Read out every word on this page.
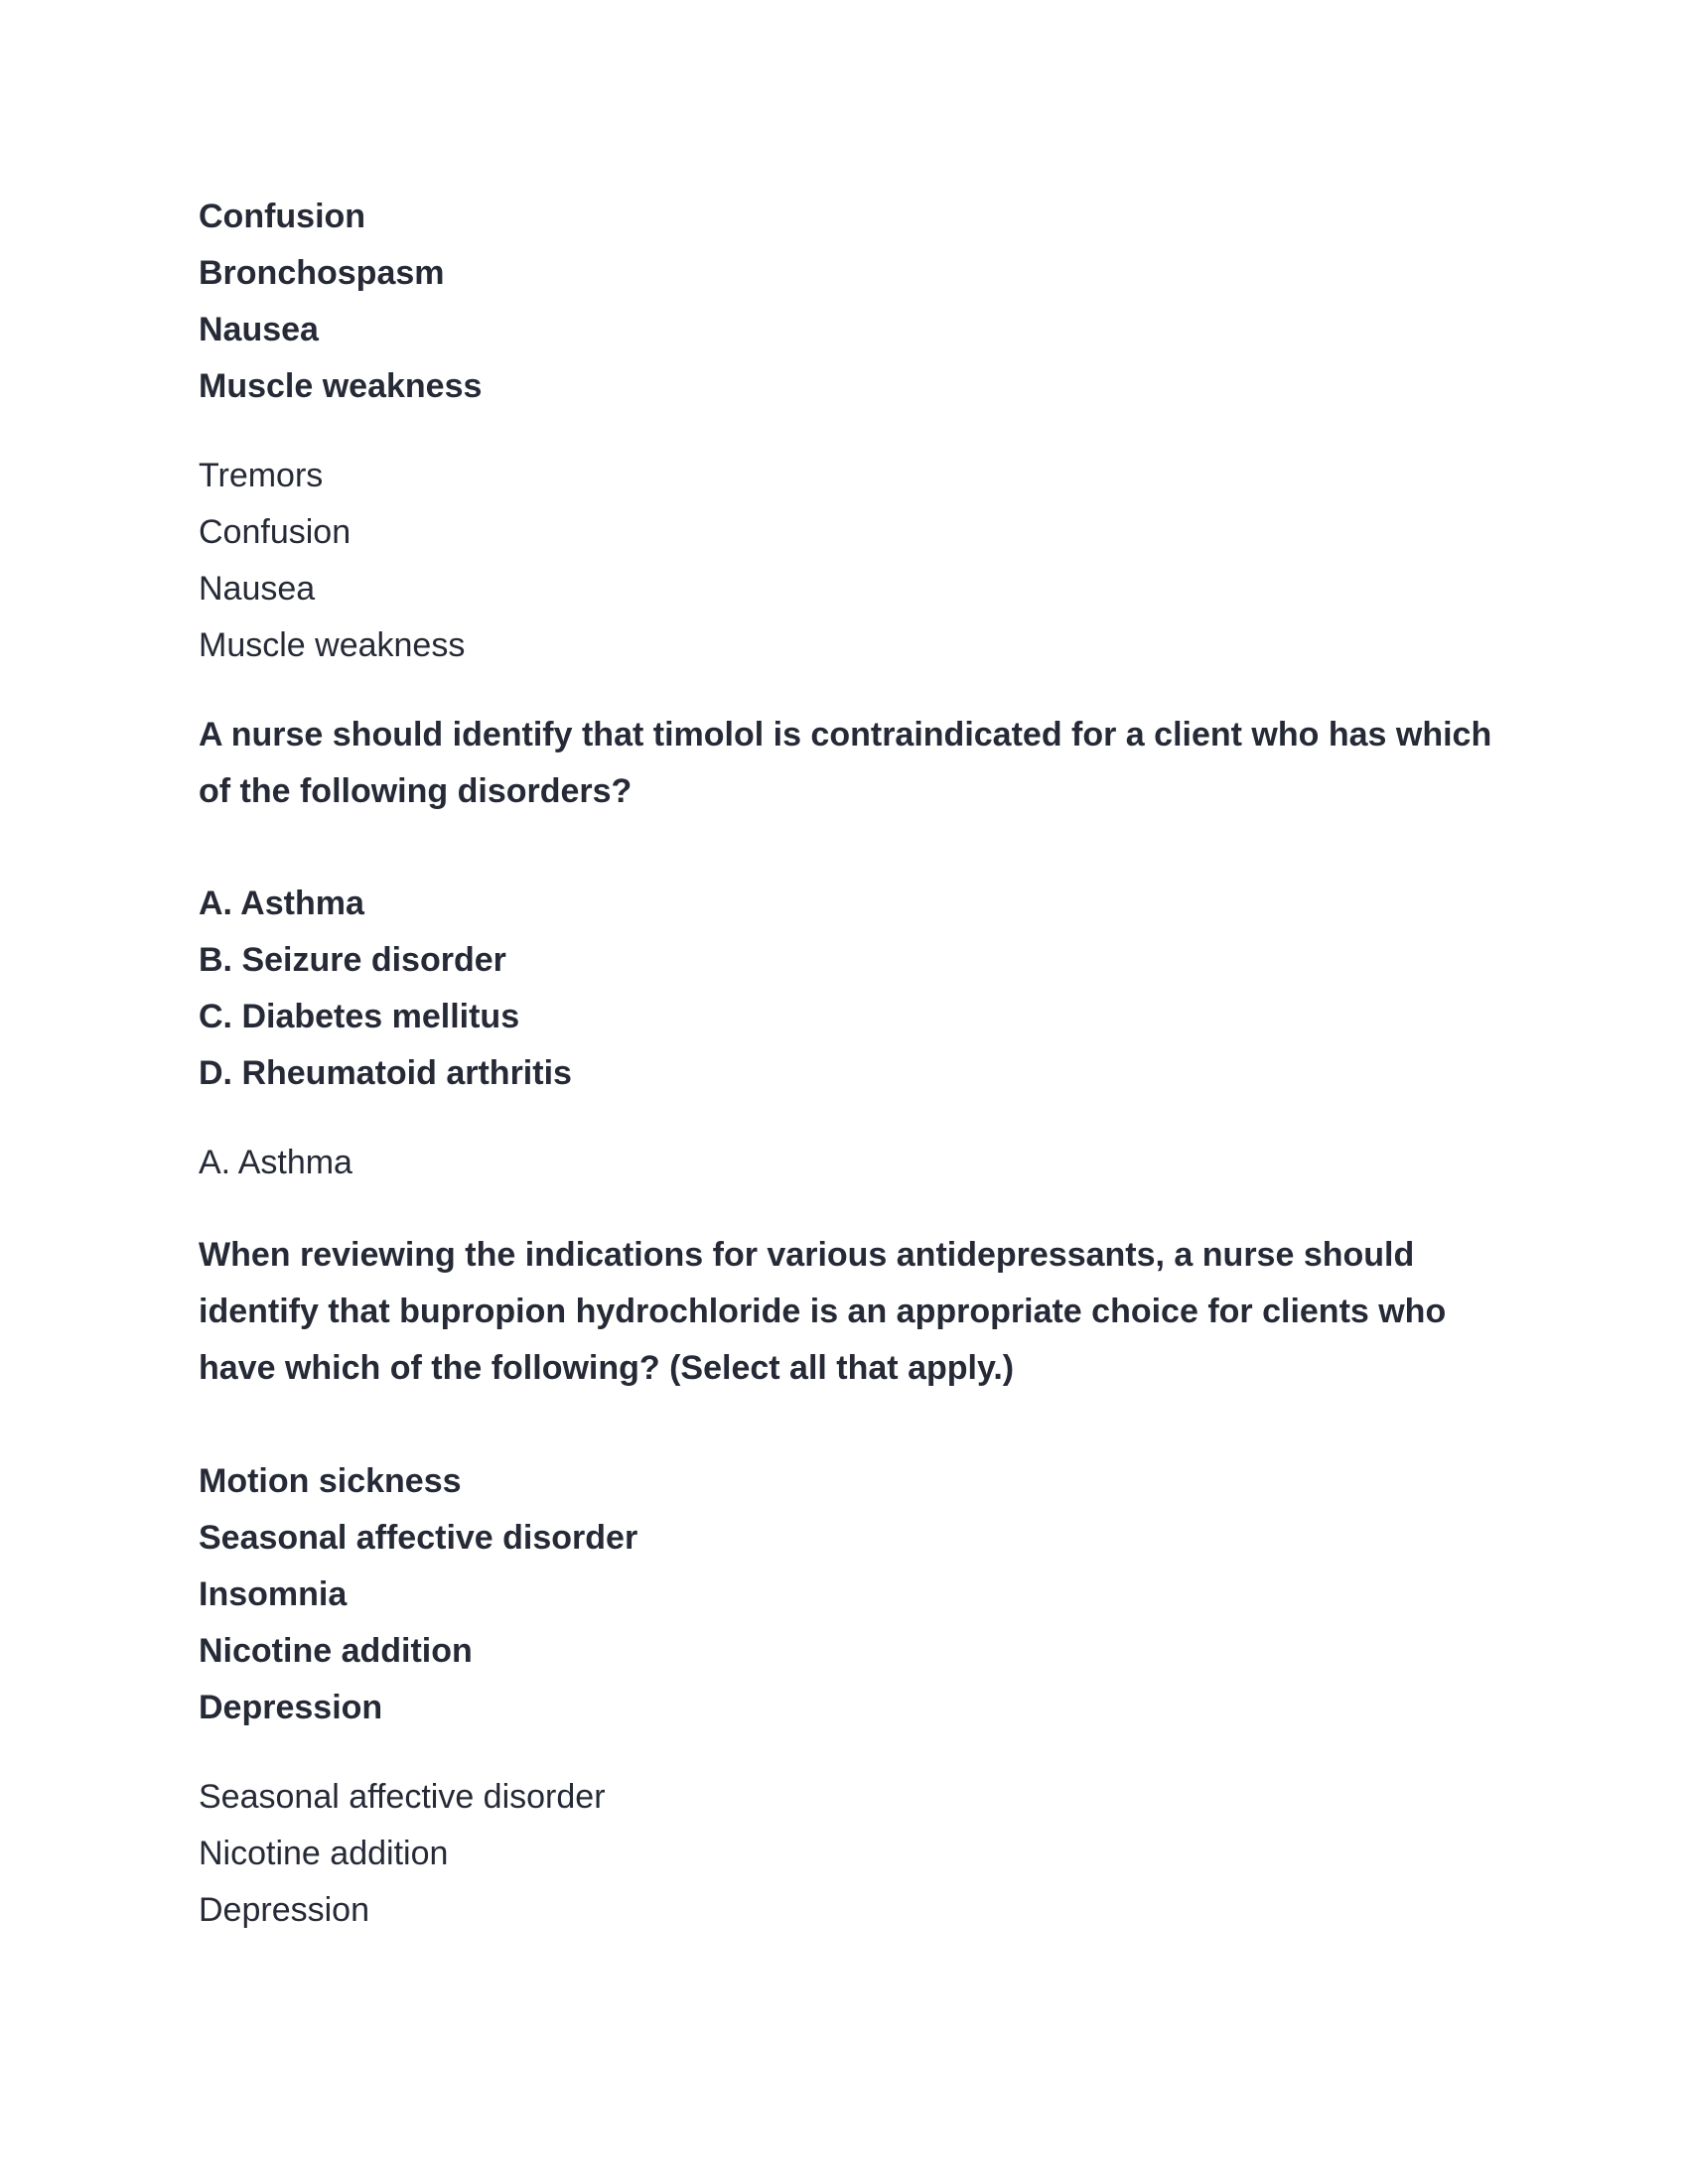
Confusion
Bronchospasm
Nausea
Muscle weakness
Tremors
Confusion
Nausea
Muscle weakness
A nurse should identify that timolol is contraindicated for a client who has which
of the following disorders?
A. Asthma
B. Seizure disorder
C. Diabetes mellitus
D. Rheumatoid arthritis
A. Asthma
When reviewing the indications for various antidepressants, a nurse should
identify that bupropion hydrochloride is an appropriate choice for clients who
have which of the following? (Select all that apply.)
Motion sickness
Seasonal affective disorder
Insomnia
Nicotine addition
Depression
Seasonal affective disorder
Nicotine addition
Depression
